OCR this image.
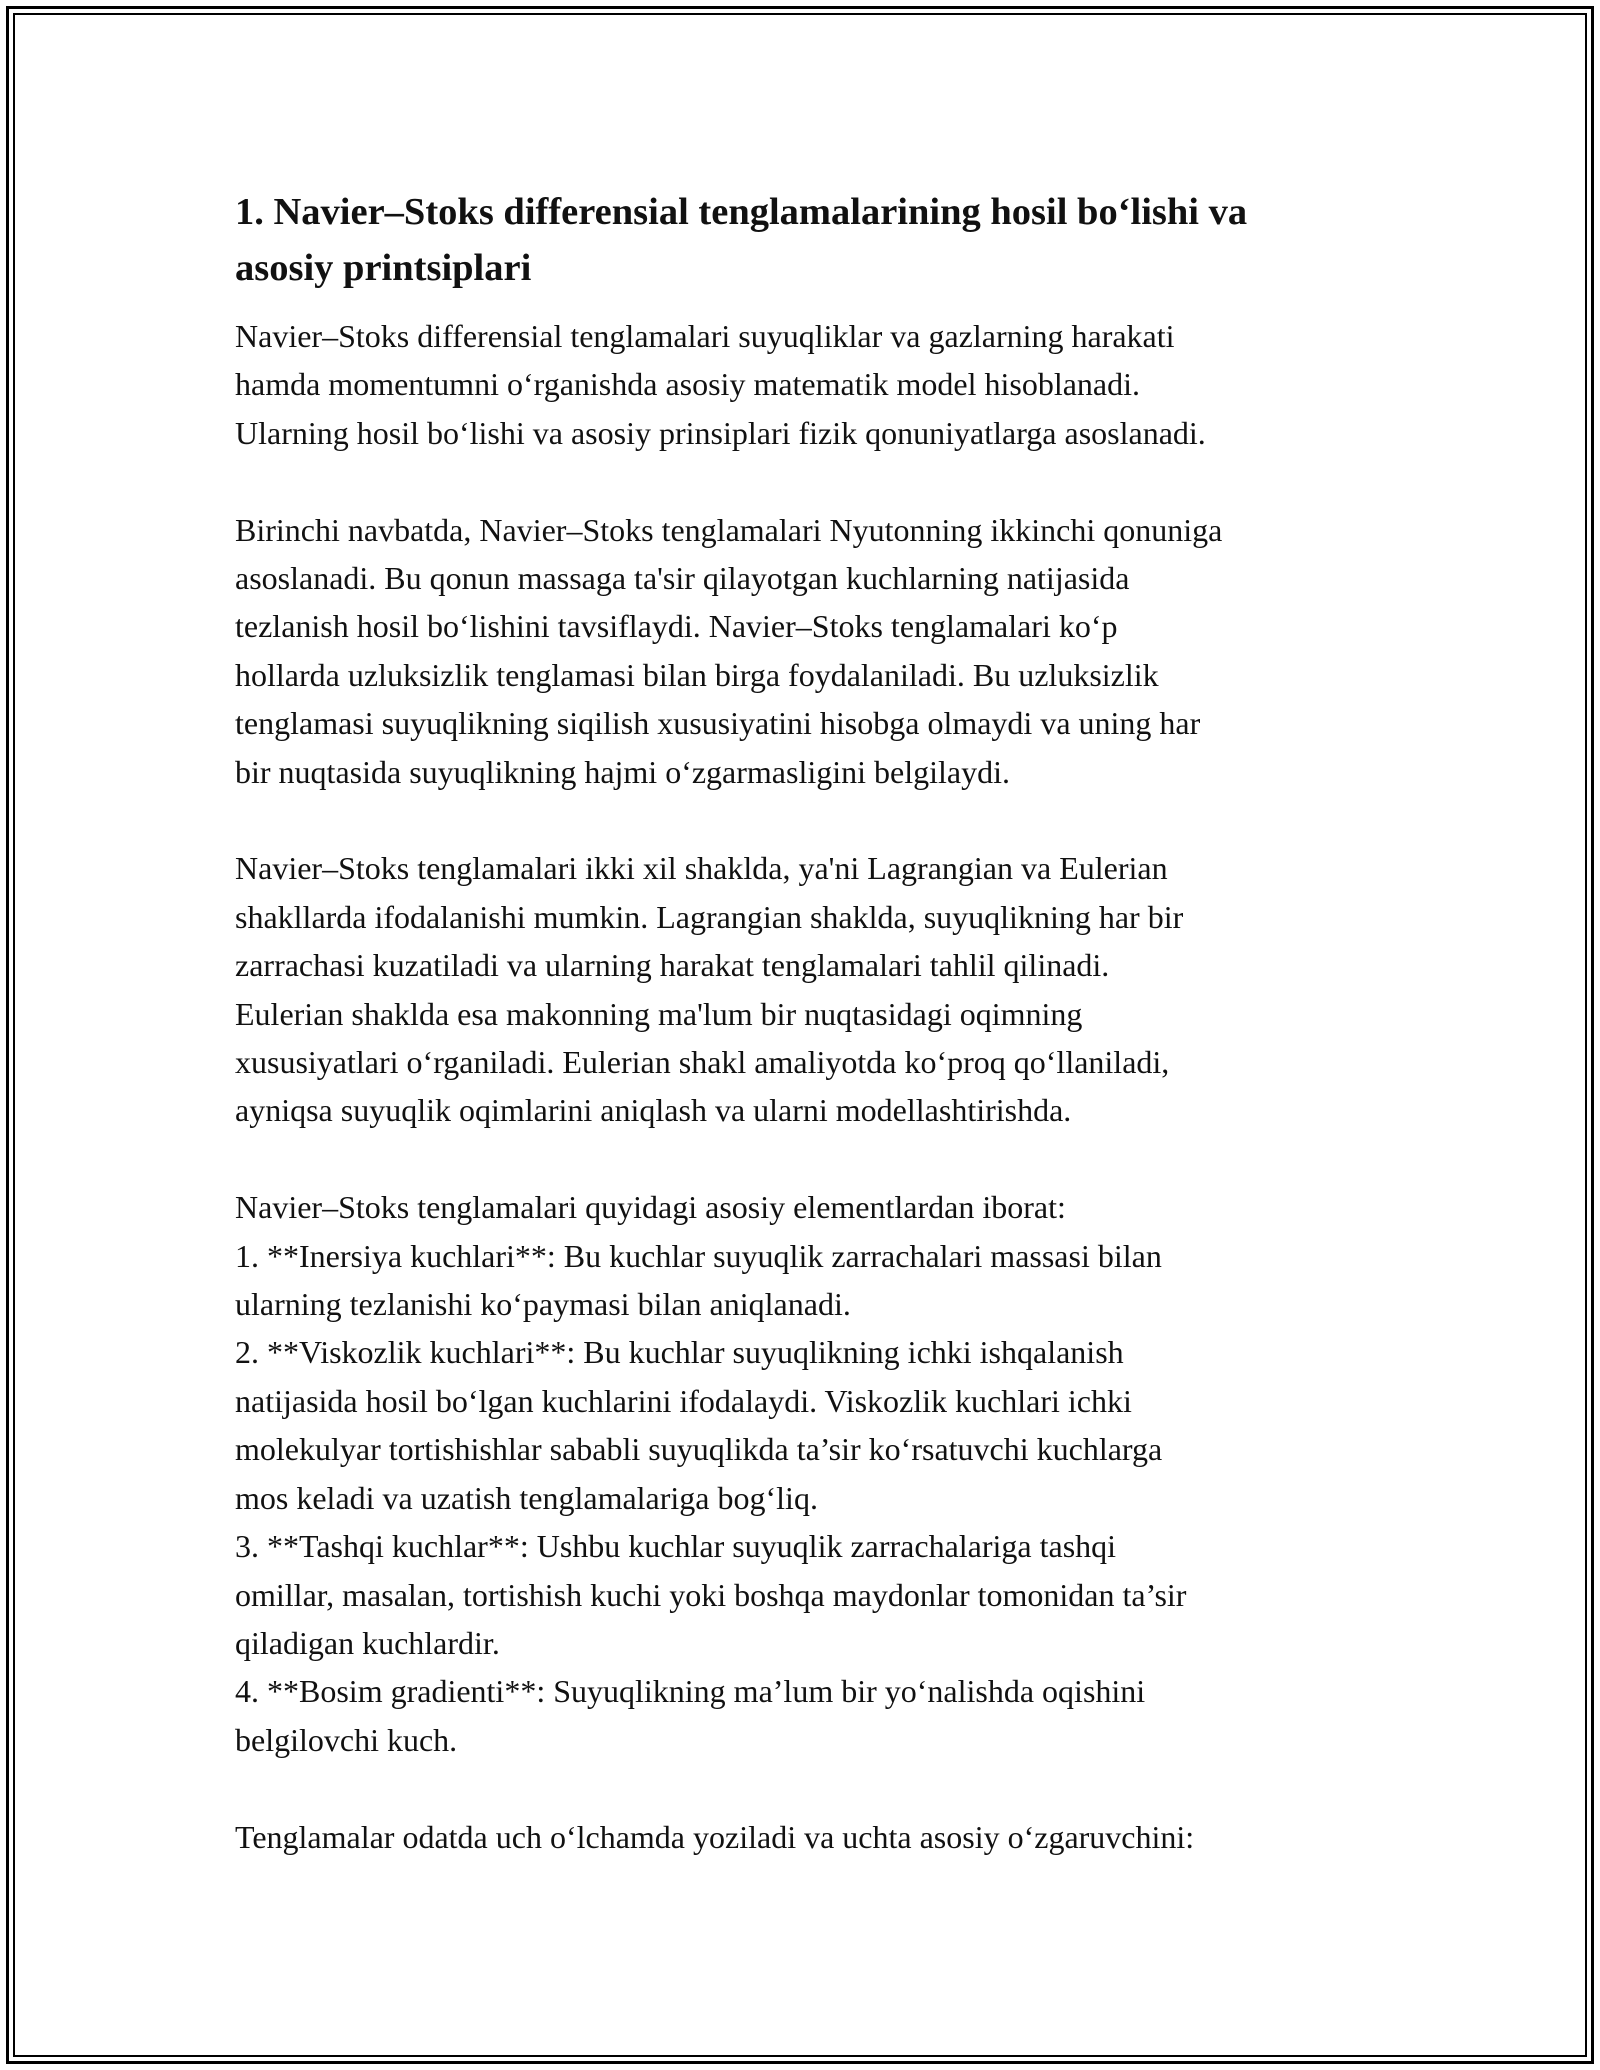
1. Navier–Stoks differensial tenglamalarining hosil bo‘lishi va
asosiy printsiplari

Navier–Stoks differensial tenglamalari suyuqliklar va gazlarning harakati
hamda momentumni o‘rganishda asosiy matematik model hisoblanadi.
Ularning hosil bo‘lishi va asosiy prinsiplari fizik qonuniyatlarga asoslanadi.

Birinchi navbatda, Navier–Stoks tenglamalari Nyutonning ikkinchi qonuniga
asoslanadi. Bu qonun massaga ta'sir qilayotgan kuchlarning natijasida
tezlanish hosil bo‘lishini tavsiflaydi. Navier–Stoks tenglamalari ko‘p
hollarda uzluksizlik tenglamasi bilan birga foydalaniladi. Bu uzluksizlik
tenglamasi suyuqlikning siqilish xususiyatini hisobga olmaydi va uning har
bir nuqtasida suyuqlikning hajmi o‘zgarmasligini belgilaydi.

Navier–Stoks tenglamalari ikki xil shaklda, ya'ni Lagrangian va Eulerian
shakllarda ifodalanishi mumkin. Lagrangian shaklda, suyuqlikning har bir
zarrachasi kuzatiladi va ularning harakat tenglamalari tahlil qilinadi.
Eulerian shaklda esa makonning ma'lum bir nuqtasidagi oqimning
xususiyatlari o‘rganiladi. Eulerian shakl amaliyotda ko‘proq qo‘llaniladi,
ayniqsa suyuqlik oqimlarini aniqlash va ularni modellashtirishda.

Navier–Stoks tenglamalari quyidagi asosiy elementlardan iborat:
1. **Inersiya kuchlari**: Bu kuchlar suyuqlik zarrachalari massasi bilan
ularning tezlanishi ko‘paymasi bilan aniqlanadi.
2. **Viskozlik kuchlari**: Bu kuchlar suyuqlikning ichki ishqalanish
natijasida hosil bo‘lgan kuchlarini ifodalaydi. Viskozlik kuchlari ichki
molekulyar tortishishlar sababli suyuqlikda ta’sir ko‘rsatuvchi kuchlarga
mos keladi va uzatish tenglamalariga bog‘liq.
3. **Tashqi kuchlar**: Ushbu kuchlar suyuqlik zarrachalariga tashqi
omillar, masalan, tortishish kuchi yoki boshqa maydonlar tomonidan ta’sir
qiladigan kuchlardir.
4. **Bosim gradienti**: Suyuqlikning ma’lum bir yo‘nalishda oqishini
belgilovchi kuch.

Tenglamalar odatda uch o‘lchamda yoziladi va uchta asosiy o‘zgaruvchini:
